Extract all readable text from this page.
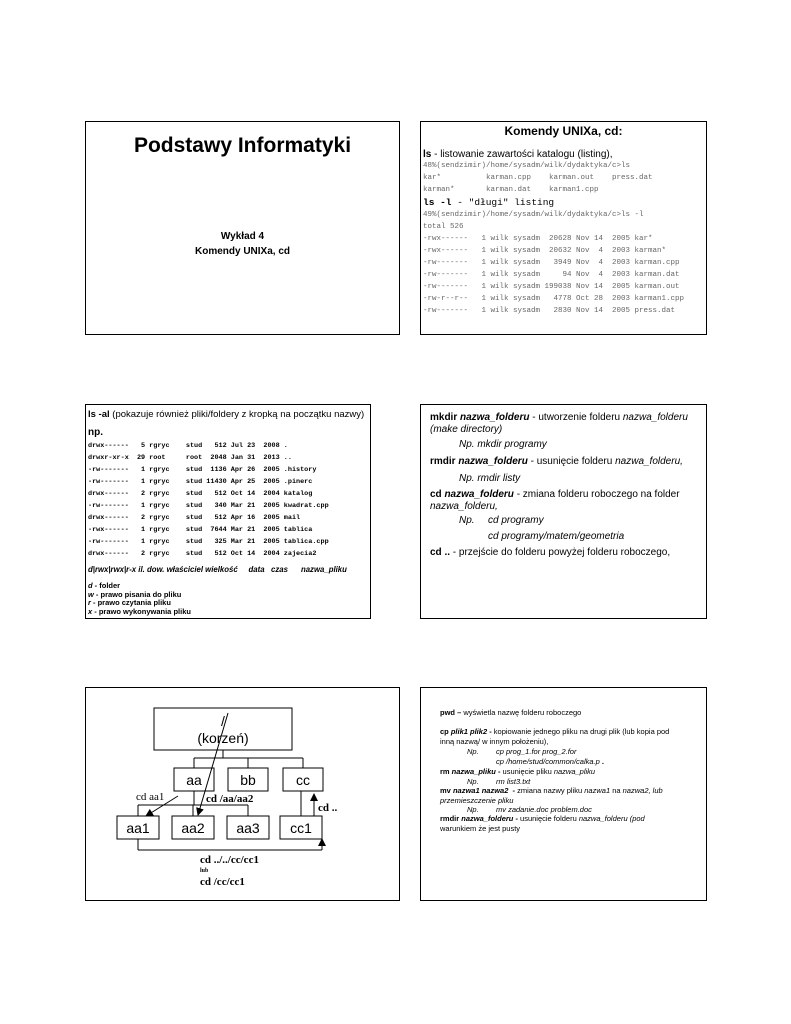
Podstawy Informatyki
Wykład 4
Komendy UNIXa, cd
Komendy UNIXa, cd:
ls - listowanie zawartości katalogu (listing),
48%(sendzimir)/home/sysadm/wilk/dydaktyka/c>ls
kar*          karman.cpp    karman.out    press.dat
karman*       karman.dat    karman1.cpp
ls -l - "długi" listing
49%(sendzimir)/home/sysadm/wilk/dydaktyka/c>ls -l
total 526
-rwx------   1 wilk sysadm  20628 Nov 14  2005 kar*
-rwx------   1 wilk sysadm  20632 Nov  4  2003 karman*
-rw-------   1 wilk sysadm   3949 Nov  4  2003 karman.cpp
-rw-------   1 wilk sysadm     94 Nov  4  2003 karman.dat
-rw-------   1 wilk sysadm 199038 Nov 14  2005 karman.out
-rw-r--r--   1 wilk sysadm   4778 Oct 28  2003 karman1.cpp
-rw-------   1 wilk sysadm   2830 Nov 14  2005 press.dat
ls -al (pokazuje również pliki/foldery z kropką na początku nazwy)
np.
drwx------   5 rgryc    stud   512 Jul 23  2008 .
drwxr-xr-x  29 root     root  2048 Jan 31  2013 ..
-rw-------   1 rgryc    stud  1136 Apr 26  2005 .history
-rw-------   1 rgryc    stud 11430 Apr 25  2005 .pinerc
drwx------   2 rgryc    stud   512 Oct 14  2004 katalog
-rw-------   1 rgryc    stud   340 Mar 21  2005 kwadrat.cpp
drwx------   2 rgryc    stud   512 Apr 16  2005 mail
-rwx------   1 rgryc    stud  7644 Mar 21  2005 tablica
-rw-------   1 rgryc    stud   325 Mar 21  2005 tablica.cpp
drwx------   2 rgryc    stud   512 Oct 14  2004 zajecia2
d|rwx|rwx|r-x il. dow. właściciel wielkość     data   czas      nazwa_pliku
d - folder
w - prawo pisania do pliku
r - prawo czytania pliku
x - prawo wykonywania pliku
mkdir nazwa_folderu - utworzenie folderu nazwa_folderu
(make directory)
Np. mkdir programy
rmdir nazwa_folderu - usunięcie folderu nazwa_folderu,
Np. rmdir listy
cd nazwa_folderu - zmiana folderu roboczego na folder
nazwa_folderu,
Np. cd programy
cd programy/matem/geometria
cd .. - przejście do folderu powyżej folderu roboczego,
/
(korzeń)
aa	bb	cc
aa1 aa2 aa3 cc1
cd aa1	cd /aa/aa2
cd ..
cd ../../cc/cc1
lub
cd /cc/cc1
pwd – wyświetla nazwę folderu roboczego
cp plik1 plik2 - kopiowanie jednego pliku na drugi plik (lub kopia pod
inną nazwą/ w innym położeniu),
Np. cp prog_1.for prog_2.for
cp /home/stud/common/calka.p .
rm nazwa_pliku - usunięcie pliku nazwa_pliku
Np. rm list3.txt
mv nazwa1 nazwa2  - zmiana nazwy pliku nazwa1 na nazwa2, lub
przemieszczenie pliku
Np. mv zadanie.doc problem.doc
rmdir nazwa_folderu - usunięcie folderu nazwa_folderu (pod
warunkiem że jest pusty
